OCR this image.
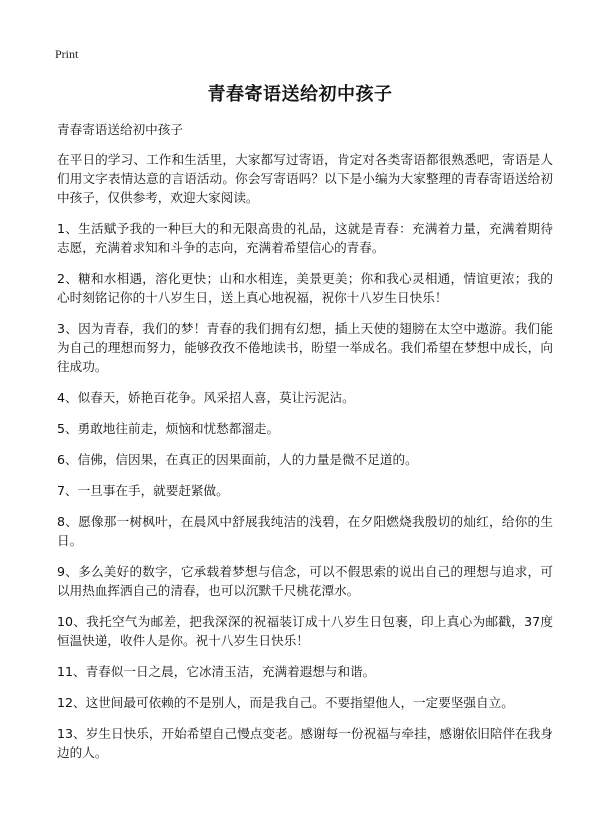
Print
青春寄语送给初中孩子
青春寄语送给初中孩子

在平日的学习、工作和生活里，大家都写过寄语，肯定对各类寄语都很熟悉吧，寄语是人们用文字表情达意的言语活动。你会写寄语吗？以下是小编为大家整理的青春寄语送给初中孩子，仅供参考，欢迎大家阅读。

1、生活赋予我的一种巨大的和无限高贵的礼品，这就是青春：充满着力量，充满着期待志愿，充满着求知和斗争的志向，充满着希望信心的青春。

2、糖和水相遇，溶化更快；山和水相连，美景更美；你和我心灵相通，情谊更浓；我的心时刻铭记你的十八岁生日，送上真心地祝福，祝你十八岁生日快乐！

3、因为青春，我们的梦！青春的我们拥有幻想，插上天使的翅膀在太空中遨游。我们能为自己的理想而努力，能够孜孜不倦地读书，盼望一举成名。我们希望在梦想中成长，向往成功。

4、似春天，娇艳百花争。风采招人喜，莫让污泥沾。

5、勇敢地往前走，烦恼和忧愁都溜走。

6、信佛，信因果，在真正的因果面前，人的力量是微不足道的。

7、一旦事在手，就要赶紧做。

8、愿像那一树枫叶，在晨风中舒展我纯洁的浅碧，在夕阳燃烧我殷切的灿红，给你的生日。

9、多么美好的数字，它承载着梦想与信念，可以不假思索的说出自己的理想与追求，可以用热血挥洒自己的清春，也可以沉默千尺桃花潭水。

10、我托空气为邮差，把我深深的祝福装订成十八岁生日包裹，印上真心为邮戳，37度恒温快递，收件人是你。祝十八岁生日快乐！

11、青春似一日之晨，它冰清玉洁，充满着遐想与和谐。

12、这世间最可依赖的不是别人，而是我自己。不要指望他人，一定要坚强自立。

13、岁生日快乐，开始希望自己慢点变老。感谢每一份祝福与牵挂，感谢依旧陪伴在我身边的人。
